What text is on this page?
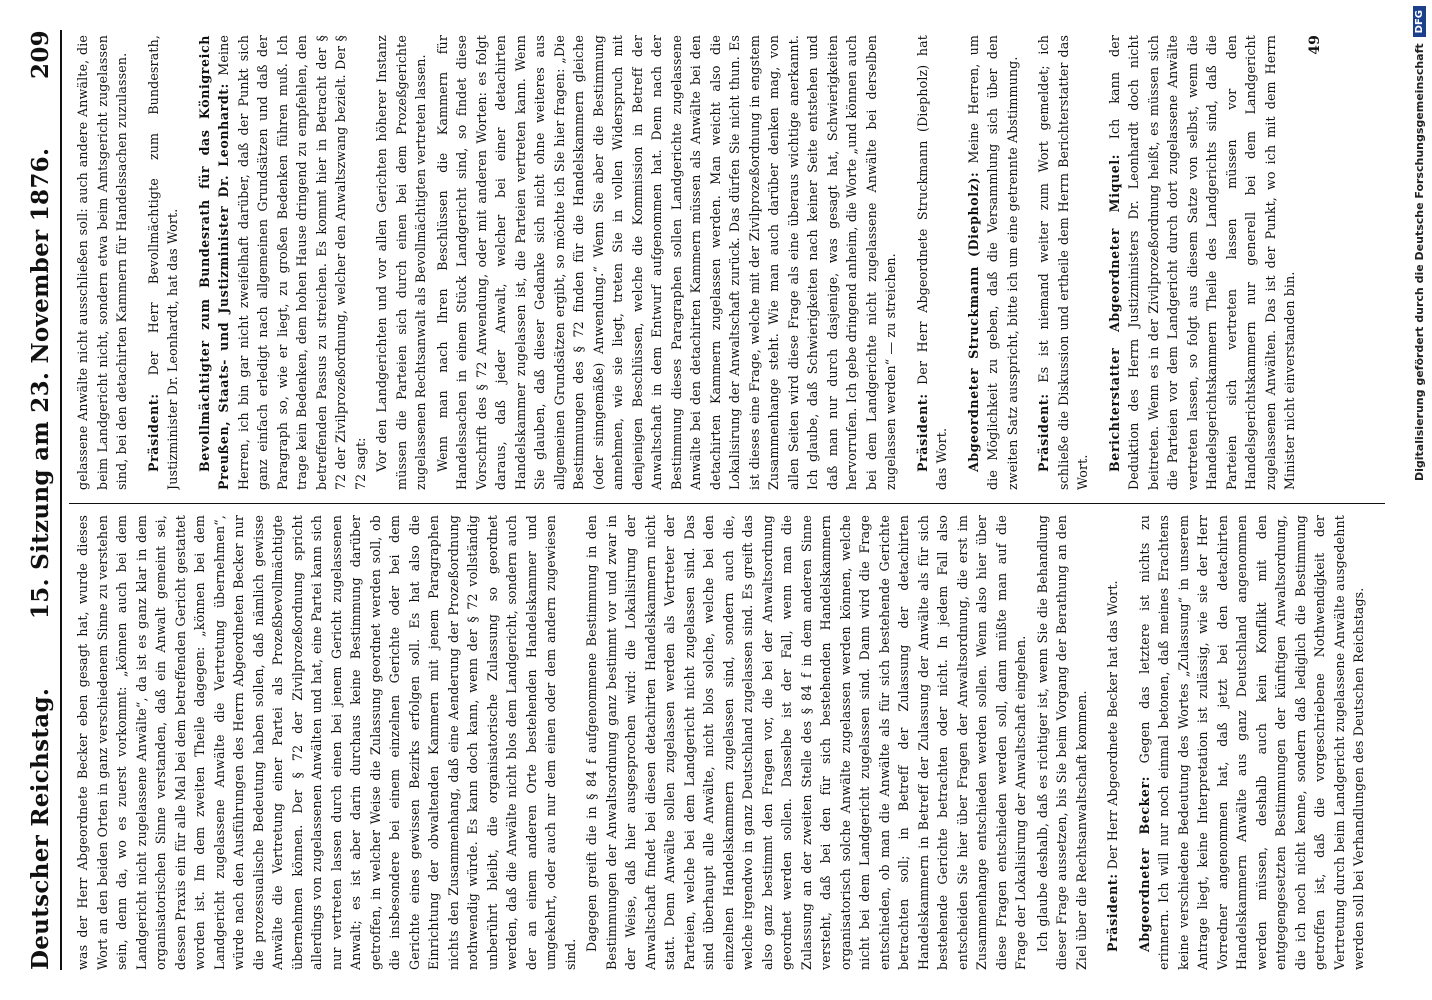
Deutscher Reichstag.
15. Sitzung am 23. November 1876.
209

was der Herr Abgeordnete Becker eben gesagt hat, wurde dieses Wort an den beiden Orten in ganz verschiedenem Sinne zu verstehen sein, denn da, wo es zuerst vorkommt: „können auch bei dem Landgericht nicht zugelassene Anwälte“, da ist es ganz klar in dem organisatorischen Sinne verstanden, daß ein Anwalt gemeint sei, dessen Praxis ein für alle Mal bei dem betreffenden Gericht gestattet worden ist. Im dem zweiten Theile dagegen: „können bei dem Landgericht zugelassene Anwälte die Vertretung übernehmen“, würde nach den Ausführungen des Herrn Abgeordneten Becker nur die prozessualische Bedeutung haben sollen, daß nämlich gewisse Anwälte die Vertretung einer Partei als Prozeßbevollmächtigte übernehmen können. Der § 72 der Zivilprozeßordnung spricht allerdings von zugelassenen Anwälten und hat, eine Partei kann sich nur vertreten lassen durch einen bei jenem Gericht zugelassenen Anwalt; es ist aber darin durchaus keine Bestimmung darüber getroffen, in welcher Weise die Zulassung geordnet werden soll, ob die insbesondere bei einem einzelnen Gerichte oder bei dem Gerichte eines gewissen Bezirks erfolgen soll. Es hat also die Einrichtung der obwaltenden Kammern mit jenem Paragraphen nichts den Zusammenhang, daß eine Aenderung der Prozeßordnung nothwendig würde. Es kann doch kann, wenn der § 72 vollständig unberührt bleibt, die organisatorische Zulassung so geordnet werden, daß die Anwälte nicht blos dem Landgericht, sondern auch der an einem anderen Orte bestehenden Handelskammer und umgekehrt, oder auch nur dem einen oder dem andern zugewiesen sind.

Dagegen greift die in § 84 f aufgenommene Bestimmung in den Bestimmungen der Anwaltsordnung ganz bestimmt vor und zwar in der Weise, daß hier ausgesprochen wird: die Lokalisirung der Anwaltschaft findet bei diesen detachirten Handelskammern nicht statt. Denn Anwälte sollen zugelassen werden als Vertreter der Parteien, welche bei dem Landgericht nicht zugelassen sind. Das sind überhaupt alle Anwälte, nicht blos solche, welche bei den einzelnen Handelskammern zugelassen sind, sondern auch die, welche irgendwo in ganz Deutschland zugelassen sind. Es greift das also ganz bestimmt den Fragen vor, die bei der Anwaltsordnung geordnet werden sollen. Dasselbe ist der Fall, wenn man die Zulassung an der zweiten Stelle des § 84 f in dem anderen Sinne versteht, daß bei den für sich bestehenden Handelskammern organisatorisch solche Anwälte zugelassen werden können, welche nicht bei dem Landgericht zugelassen sind. Dann wird die Frage entschieden, ob man die Anwälte als für sich bestehende Gerichte betrachten soll; in Betreff der Zulassung der detachirten Handelskammern in Betreff der Zulassung der Anwälte als für sich bestehende Gerichte betrachten oder nicht. In jedem Fall also entscheiden Sie hier über Fragen der Anwaltsordnung, die erst im Zusammenhange entschieden werden sollen. Wenn also hier über diese Fragen entschieden werden soll, dann müßte man auf die Frage der Lokalisirung der Anwaltschaft eingehen. Ich glaube deshalb, daß es richtiger ist, wenn Sie die Behandlung dieser Frage aussetzen, bis Sie beim Vorgang der Berathung an den Ziel über die Rechtsanwaltschaft kommen. Präsident: Der Herr Abgeordnete Becker hat das Wort. Abgeordneter Becker: Gegen das letztere ist nichts zu erinnern. Ich will nur noch einmal betonen, daß meines Erachtens keine verschiedene Bedeutung des Wortes „Zulassung“ in unserem Antrage liegt, keine Interpretation ist zulässig, wie sie der Herr Vorredner angenommen hat, daß jetzt bei den detachirten Handelskammern Anwälte aus ganz Deutschland angenommen werden müssen, deshalb auch kein Konflikt mit den entgegengesetzten Bestimmungen der künftigen Anwaltsordnung, die ich noch nicht kenne, sondern daß lediglich die Bestimmung getroffen ist, daß die vorgeschriebene Nothwendigkeit der Vertretung durch beim Landgericht zugelassene Anwälte ausgedehnt werden soll bei Verhandlungen des Deutschen Reichstags.

gelassene Anwälte nicht ausschließen soll: auch andere Anwälte, die beim Landgericht nicht, sondern etwa beim Amtsgericht zugelassen sind, bei den detachirten Kammern für Handelssachen zuzulassen. Präsident: Der Herr Bevollmächtigte zum Bundesrath, Justizminister Dr. Leonhardt, hat das Wort. Bevollmächtigter zum Bundesrath für das Königreich Preußen, Staats- und Justizminister Dr. Leonhardt: Meine Herren, ich bin gar nicht zweifelhaft darüber, daß der Punkt sich ganz einfach erledigt nach allgemeinen Grundsätzen und daß der Paragraph so, wie er liegt, zu großen Bedenken führen muß. Ich trage kein Bedenken, dem hohen Hause dringend zu empfehlen, den betreffenden Passus zu streichen. Es kommt hier in Betracht der § 72 der Zivilprozeßordnung, welcher den Anwaltszwang bezielt. Der § 72 sagt: Vor den Landgerichten und vor allen Gerichten höherer Instanz müssen die Parteien sich durch einen bei dem Prozeßgerichte zugelassenen Rechtsanwalt als Bevollmächtigten vertreten lassen. Wenn man nach Ihren Beschlüssen die Kammern für Handelssachen in einem Stück Landgericht sind, so findet diese Vorschrift des § 72 Anwendung, oder mit anderen Worten: es folgt daraus, daß jeder Anwalt, welcher bei einer detachirten Handelskammer zugelassen ist, die Parteien vertreten kann. Wenn Sie glauben, daß dieser Gedanke sich nicht ohne weiteres aus allgemeinen Grundsätzen ergibt, so möchte ich Sie hier fragen: „Die Bestimmungen des § 72 finden für die Handelskammern gleiche (oder sinngemäße) Anwendung.“ Wenn Sie aber die Bestimmung annehmen, wie sie liegt, treten Sie in vollen Widerspruch mit denjenigen Beschlüssen, welche die Kommission in Betreff der Anwaltschaft in dem Entwurf aufgenommen hat. Denn nach der Bestimmung dieses Paragraphen sollen Landgerichte zugelassene Anwälte bei den detachirten Kammern müssen als Anwälte bei den detachirten Kammern zugelassen werden. Man weicht also die Lokalisirung der Anwaltschaft zurück. Das dürfen Sie nicht thun. Es ist dieses eine Frage, welche mit der Zivilprozeßordnung in engstem Zusammenhange steht. Wie man auch darüber denken mag, von allen Seiten wird diese Frage als eine überaus wichtige anerkannt. Ich glaube, daß Schwierigkeiten nach keiner Seite entstehen und daß man nur durch dasjenige, was gesagt hat, Schwierigkeiten hervorrufen. Ich gebe dringend anheim, die Worte „und können auch bei dem Landgerichte nicht zugelassene Anwälte bei derselben zugelassen werden“ — zu streichen. Präsident: Der Herr Abgeordnete Struckmann (Diepholz) hat das Wort. Abgeordneter Struckmann (Diepholz): Meine Herren, um die Möglichkeit zu geben, daß die Versammlung sich über den zweiten Satz ausspricht, bitte ich um eine getrennte Abstimmung. Präsident: Es ist niemand weiter zum Wort gemeldet; ich schließe die Diskussion und ertheile dem Herrn Berichterstatter das Wort.

Berichterstatter Abgeordneter Miquel: Ich kann der Deduktion des Herrn Justizministers Dr. Leonhardt doch nicht beitreten. Wenn es in der Zivilprozeßordnung heißt, es müssen sich die Parteien vor dem Landgericht durch dort zugelassene Anwälte vertreten lassen, so folgt aus diesem Satze von selbst, wenn die Handelsgerichtskammern Theile des Landgerichts sind, daß die Parteien sich vertreten lassen müssen vor den Handelsgerichtskammern nur generell bei dem Landgericht zugelassenen Anwälten. Das ist der Punkt, wo ich mit dem Herrn Minister nicht einverstanden bin.

49	Digitalisierung gefördert durch die Deutsche Forschungsgemeinschaft
DFG
